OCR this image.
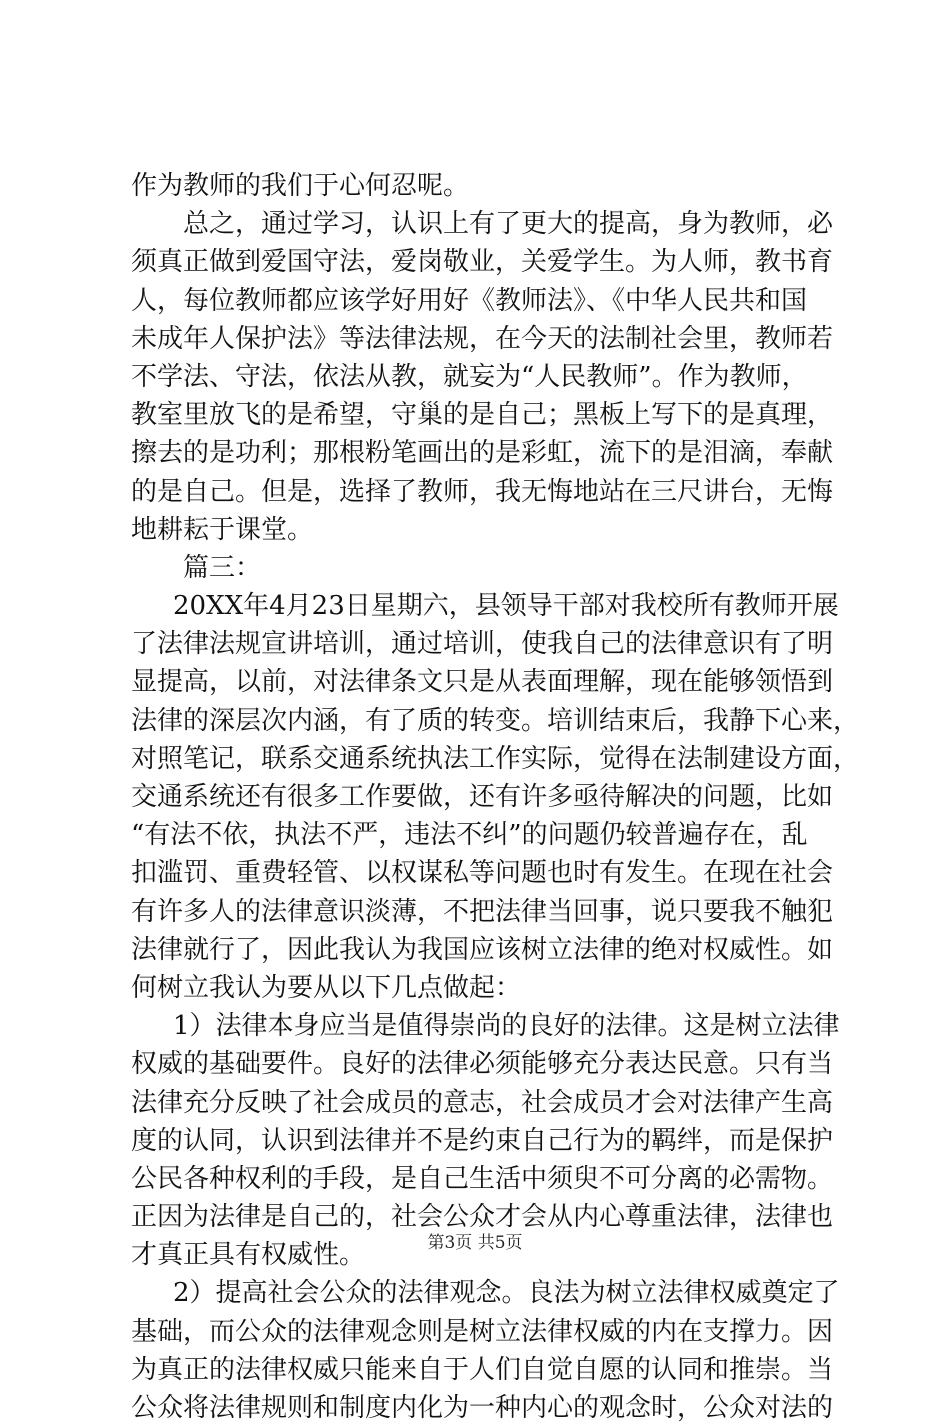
作为教师的我们于心何忍呢。
总之，通过学习，认识上有了更大的提高，身为教师，必
须真正做到爱国守法，爱岗敬业，关爱学生。为人师，教书育
人，每位教师都应该学好用好《教师法》、《中华人民共和国
未成年人保护法》等法律法规，在今天的法制社会里，教师若
不学法、守法，依法从教，就妄为“人民教师”。作为教师，
教室里放飞的是希望，守巢的是自己；黑板上写下的是真理，
擦去的是功利；那根粉笔画出的是彩虹，流下的是泪滴，奉献
的是自己。但是，选择了教师，我无悔地站在三尺讲台，无悔
地耕耘于课堂。
篇三：
20XX年4月23日星期六，县领导干部对我校所有教师开展
了法律法规宣讲培训，通过培训，使我自己的法律意识有了明
显提高，以前，对法律条文只是从表面理解，现在能够领悟到
法律的深层次内涵，有了质的转变。培训结束后，我静下心来，
对照笔记，联系交通系统执法工作实际，觉得在法制建设方面，
交通系统还有很多工作要做，还有许多亟待解决的问题，比如
“有法不依，执法不严，违法不纠”的问题仍较普遍存在，乱
扣滥罚、重费轻管、以权谋私等问题也时有发生。在现在社会
有许多人的法律意识淡薄，不把法律当回事，说只要我不触犯
法律就行了，因此我认为我国应该树立法律的绝对权威性。如
何树立我认为要从以下几点做起：
1）法律本身应当是值得崇尚的良好的法律。这是树立法律
权威的基础要件。良好的法律必须能够充分表达民意。只有当
法律充分反映了社会成员的意志，社会成员才会对法律产生高
度的认同，认识到法律并不是约束自己行为的羁绊，而是保护
公民各种权利的手段，是自己生活中须臾不可分离的必需物。
正因为法律是自己的，社会公众才会从内心尊重法律，法律也
才真正具有权威性。
2）提高社会公众的法律观念。良法为树立法律权威奠定了
基础，而公众的法律观念则是树立法律权威的内在支撑力。因
为真正的法律权威只能来自于人们自觉自愿的认同和推崇。当
公众将法律规则和制度内化为一种内心的观念时，公众对法的
第3页 共5页
